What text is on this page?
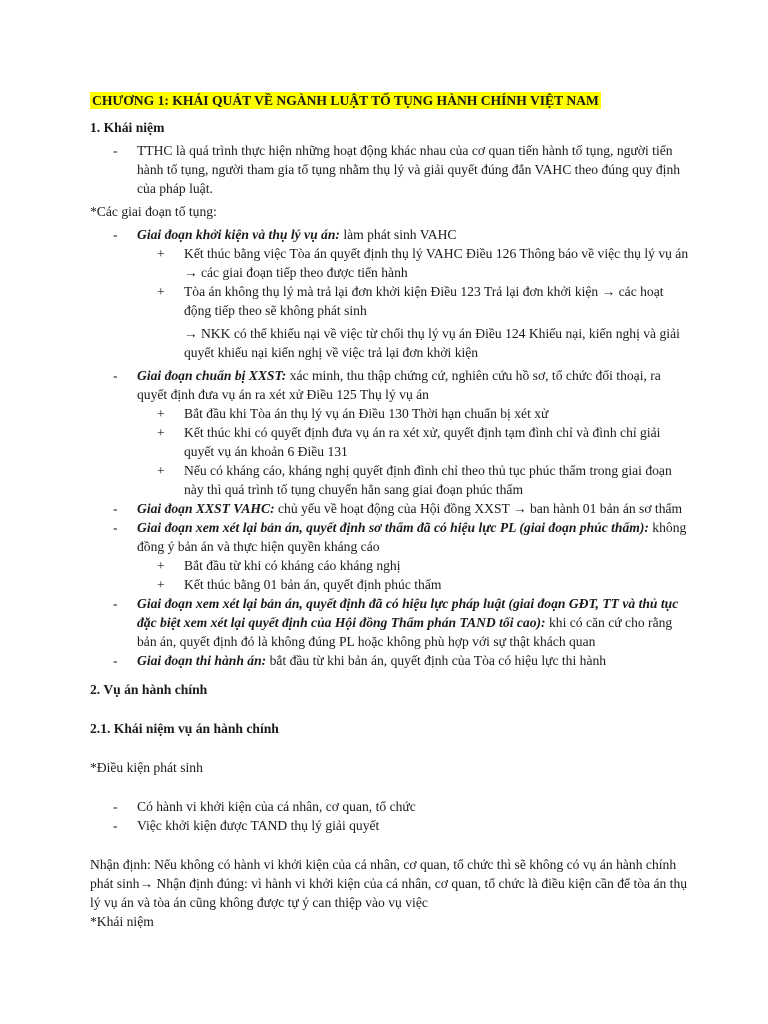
CHƯƠNG 1: KHÁI QUÁT VỀ NGÀNH LUẬT TỐ TỤNG HÀNH CHÍNH VIỆT NAM
1. Khái niệm
- TTHC là quá trình thực hiện những hoạt động khác nhau của cơ quan tiến hành tố tụng, người tiến hành tố tụng, người tham gia tố tụng nhằm thụ lý và giải quyết đúng đắn VAHC theo đúng quy định của pháp luật.

*Các giai đoạn tố tụng:

- Giai đoạn khởi kiện và thụ lý vụ án: làm phát sinh VAHC
+ Kết thúc bằng việc Tòa án quyết định thụ lý VAHC Điều 126 Thông báo về việc thụ lý vụ án → các giai đoạn tiếp theo được tiến hành
+ Tòa án không thụ lý mà trả lại đơn khởi kiện Điều 123 Trả lại đơn khởi kiện → các hoạt động tiếp theo sẽ không phát sinh
→ NKK có thể khiếu nại về việc từ chối thụ lý vụ án Điều 124 Khiếu nại, kiến nghị và giải quyết khiếu nại kiến nghị về việc trả lại đơn khởi kiện
- Giai đoạn chuẩn bị XXST: xác minh, thu thập chứng cứ, nghiên cứu hồ sơ, tổ chức đối thoại, ra quyết định đưa vụ án ra xét xử Điều 125 Thụ lý vụ án
+ Bắt đầu khi Tòa án thụ lý vụ án Điều 130 Thời hạn chuẩn bị xét xử
+ Kết thúc khi có quyết định đưa vụ án ra xét xử, quyết định tạm đình chỉ và đình chỉ giải quyết vụ án khoản 6 Điều 131
+ Nếu có kháng cáo, kháng nghị quyết định đình chỉ theo thủ tục phúc thẩm trong giai đoạn này thì quá trình tố tụng chuyển hẳn sang giai đoạn phúc thẩm
- Giai đoạn XXST VAHC: chủ yếu về hoạt động của Hội đồng XXST → ban hành 01 bản án sơ thẩm
- Giai đoạn xem xét lại bản án, quyết định sơ thẩm đã có hiệu lực PL (giai đoạn phúc thẩm): không đồng ý bản án và thực hiện quyền kháng cáo
+ Bắt đầu từ khi có kháng cáo kháng nghị
+ Kết thúc bằng 01 bản án, quyết định phúc thẩm
- Giai đoạn xem xét lại bản án, quyết định đã có hiệu lực pháp luật (giai đoạn GĐT, TT và thủ tục đặc biệt xem xét lại quyết định của Hội đồng Thẩm phán TAND tối cao): khi có căn cứ cho rằng bản án, quyết định đó là không đúng PL hoặc không phù hợp với sự thật khách quan
- Giai đoạn thi hành án: bắt đầu từ khi bản án, quyết định của Tòa có hiệu lực thi hành
2. Vụ án hành chính
2.1. Khái niệm vụ án hành chính

*Điều kiện phát sinh

- Có hành vi khởi kiện của cá nhân, cơ quan, tổ chức
- Việc khởi kiện được TAND thụ lý giải quyết

Nhận định: Nếu không có hành vi khởi kiện của cá nhân, cơ quan, tổ chức thì sẽ không có vụ án hành chính phát sinh→ Nhận định đúng: vì hành vi khởi kiện của cá nhân, cơ quan, tổ chức là điều kiện cần để tòa án thụ lý vụ án và tòa án cũng không được tự ý can thiệp vào vụ việc

*Khái niệm
